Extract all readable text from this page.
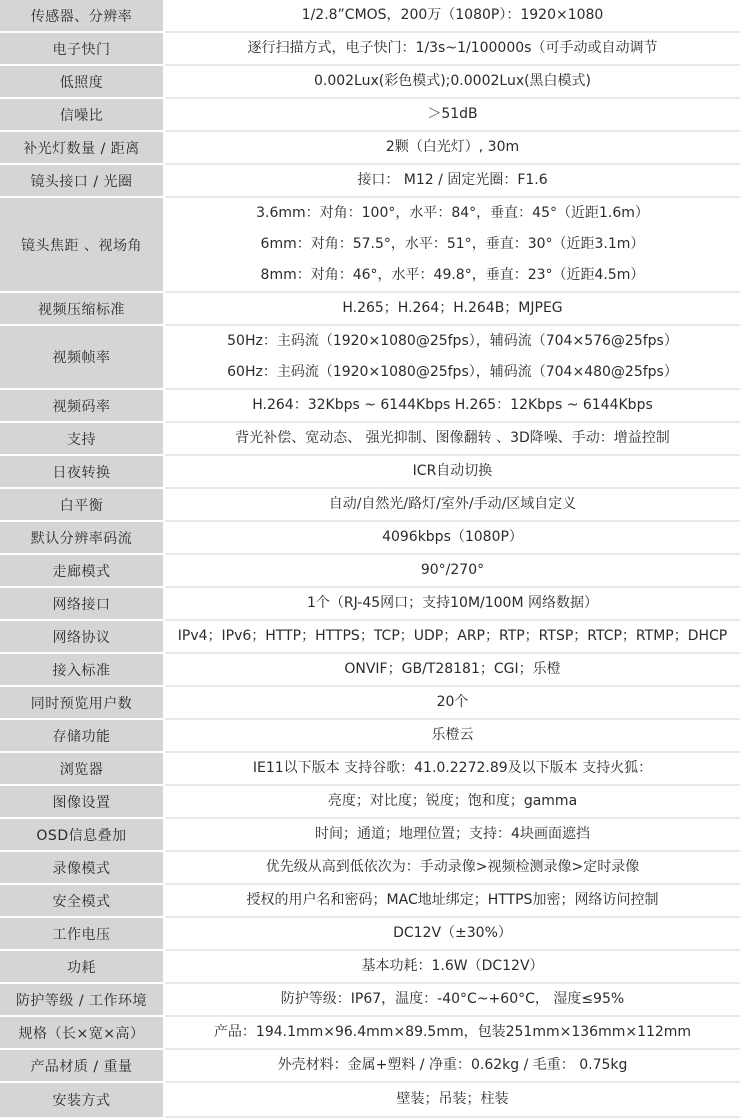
传感器、分辨率	1/2.8”CMOS，200万（1080P）：1920×1080

电子快门	逐行扫描方式，电子快门：1/3s~1/100000s（可手动或自动调节

低照度	0.002Lux(彩色模式);0.0002Lux(黑白模式)

信噪比	＞51dB

补光灯数量 / 距离	2颗（白光灯）, 30m

镜头接口 / 光圈	接口： M12 / 固定光圈：F1.6

镜头焦距 、视场角	3.6mm：对角：100°，水平：84°，垂直：45°（近距1.6m）
6mm：对角：57.5°，水平：51°，垂直：30°（近距3.1m）
8mm：对角：46°，水平：49.8°，垂直：23°（近距4.5m）

视频压缩标准	H.265；H.264；H.264B；MJPEG

视频帧率	50Hz：主码流（1920×1080@25fps），辅码流（704×576@25fps）
60Hz：主码流（1920×1080@25fps），辅码流（704×480@25fps）

视频码率	H.264：32Kbps ~ 6144Kbps H.265：12Kbps ~ 6144Kbps

支持	背光补偿、宽动态、 强光抑制、图像翻转 、3D降噪、手动：增益控制

日夜转换	ICR自动切换

白平衡	自动/自然光/路灯/室外/手动/区域自定义

默认分辨率码流	4096kbps（1080P）

走廊模式	90°/270°

网络接口	1个（RJ-45网口；支持10M/100M 网络数据）

网络协议	IPv4；IPv6；HTTP；HTTPS；TCP；UDP；ARP；RTP；RTSP；RTCP；RTMP；DHCP

接入标准	ONVIF；GB/T28181；CGI；乐橙

同时预览用户数	20个

存储功能	乐橙云

浏览器	IE11以下版本 支持谷歌：41.0.2272.89及以下版本 支持火狐：

图像设置	亮度；对比度；锐度；饱和度；gamma

OSD信息叠加	时间；通道；地理位置；支持：4块画面遮挡

录像模式	优先级从高到低依次为：手动录像>视频检测录像>定时录像

安全模式	授权的用户名和密码；MAC地址绑定；HTTPS加密；网络访问控制

工作电压	DC12V（±30%）

功耗	基本功耗：1.6W（DC12V）

防护等级 / 工作环境	防护等级：IP67，温度：-40°C~+60°C， 湿度≤95%

规格（长×宽×高）	产品：194.1mm×96.4mm×89.5mm，包装251mm×136mm×112mm

产品材质 / 重量	外壳材料：金属+塑料 / 净重：0.62kg / 毛重： 0.75kg

安装方式	壁装；吊装；柱装
